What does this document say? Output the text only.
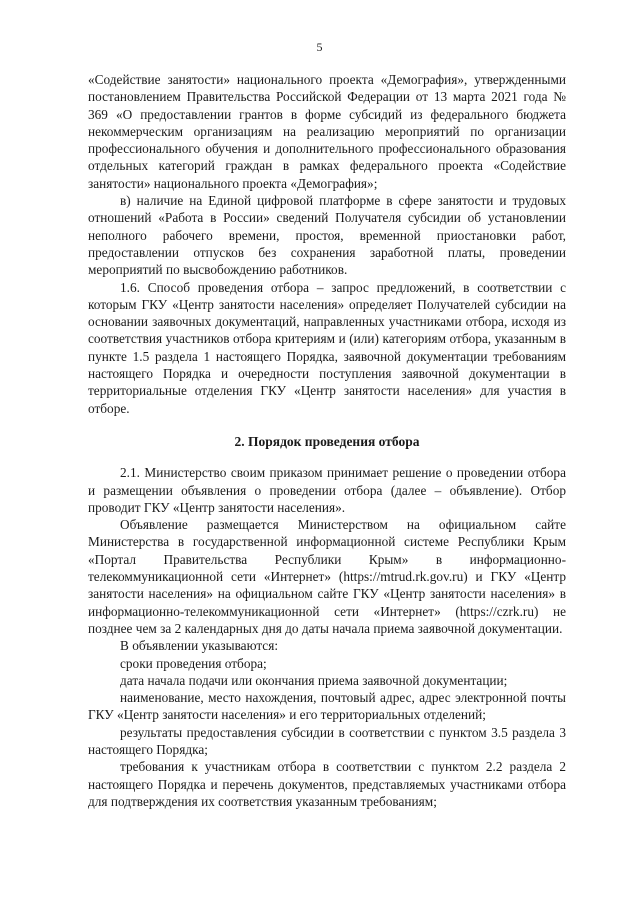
5

«Содействие занятости» национального проекта «Демография», утвержденными постановлением Правительства Российской Федерации от 13 марта 2021 года № 369 «О предоставлении грантов в форме субсидий из федерального бюджета некоммерческим организациям на реализацию мероприятий по организации профессионального обучения и дополнительного профессионального образования отдельных категорий граждан в рамках федерального проекта «Содействие занятости» национального проекта «Демография»;

в) наличие на Единой цифровой платформе в сфере занятости и трудовых отношений «Работа в России» сведений Получателя субсидии об установлении неполного рабочего времени, простоя, временной приостановки работ, предоставлении отпусков без сохранения заработной платы, проведении мероприятий по высвобождению работников.

1.6. Способ проведения отбора – запрос предложений, в соответствии с которым ГКУ «Центр занятости населения» определяет Получателей субсидии на основании заявочных документаций, направленных участниками отбора, исходя из соответствия участников отбора критериям и (или) категориям отбора, указанным в пункте 1.5 раздела 1 настоящего Порядка, заявочной документации требованиям настоящего Порядка и очередности поступления заявочной документации в территориальные отделения ГКУ «Центр занятости населения» для участия в отборе.

2. Порядок проведения отбора

2.1. Министерство своим приказом принимает решение о проведении отбора и размещении объявления о проведении отбора (далее – объявление). Отбор проводит ГКУ «Центр занятости населения».

Объявление размещается Министерством на официальном сайте Министерства в государственной информационной системе Республики Крым «Портал Правительства Республики Крым» в информационно-телекоммуникационной сети «Интернет» (https://mtrud.rk.gov.ru) и ГКУ «Центр занятости населения» на официальном сайте ГКУ «Центр занятости населения» в информационно-телекоммуникационной сети «Интернет» (https://czrk.ru) не позднее чем за 2 календарных дня до даты начала приема заявочной документации.

В объявлении указываются:

сроки проведения отбора;

дата начала подачи или окончания приема заявочной документации;

наименование, место нахождения, почтовый адрес, адрес электронной почты ГКУ «Центр занятости населения» и его территориальных отделений;

результаты предоставления субсидии в соответствии с пунктом 3.5 раздела 3 настоящего Порядка;

требования к участникам отбора в соответствии с пунктом 2.2 раздела 2 настоящего Порядка и перечень документов, представляемых участниками отбора для подтверждения их соответствия указанным требованиям;
